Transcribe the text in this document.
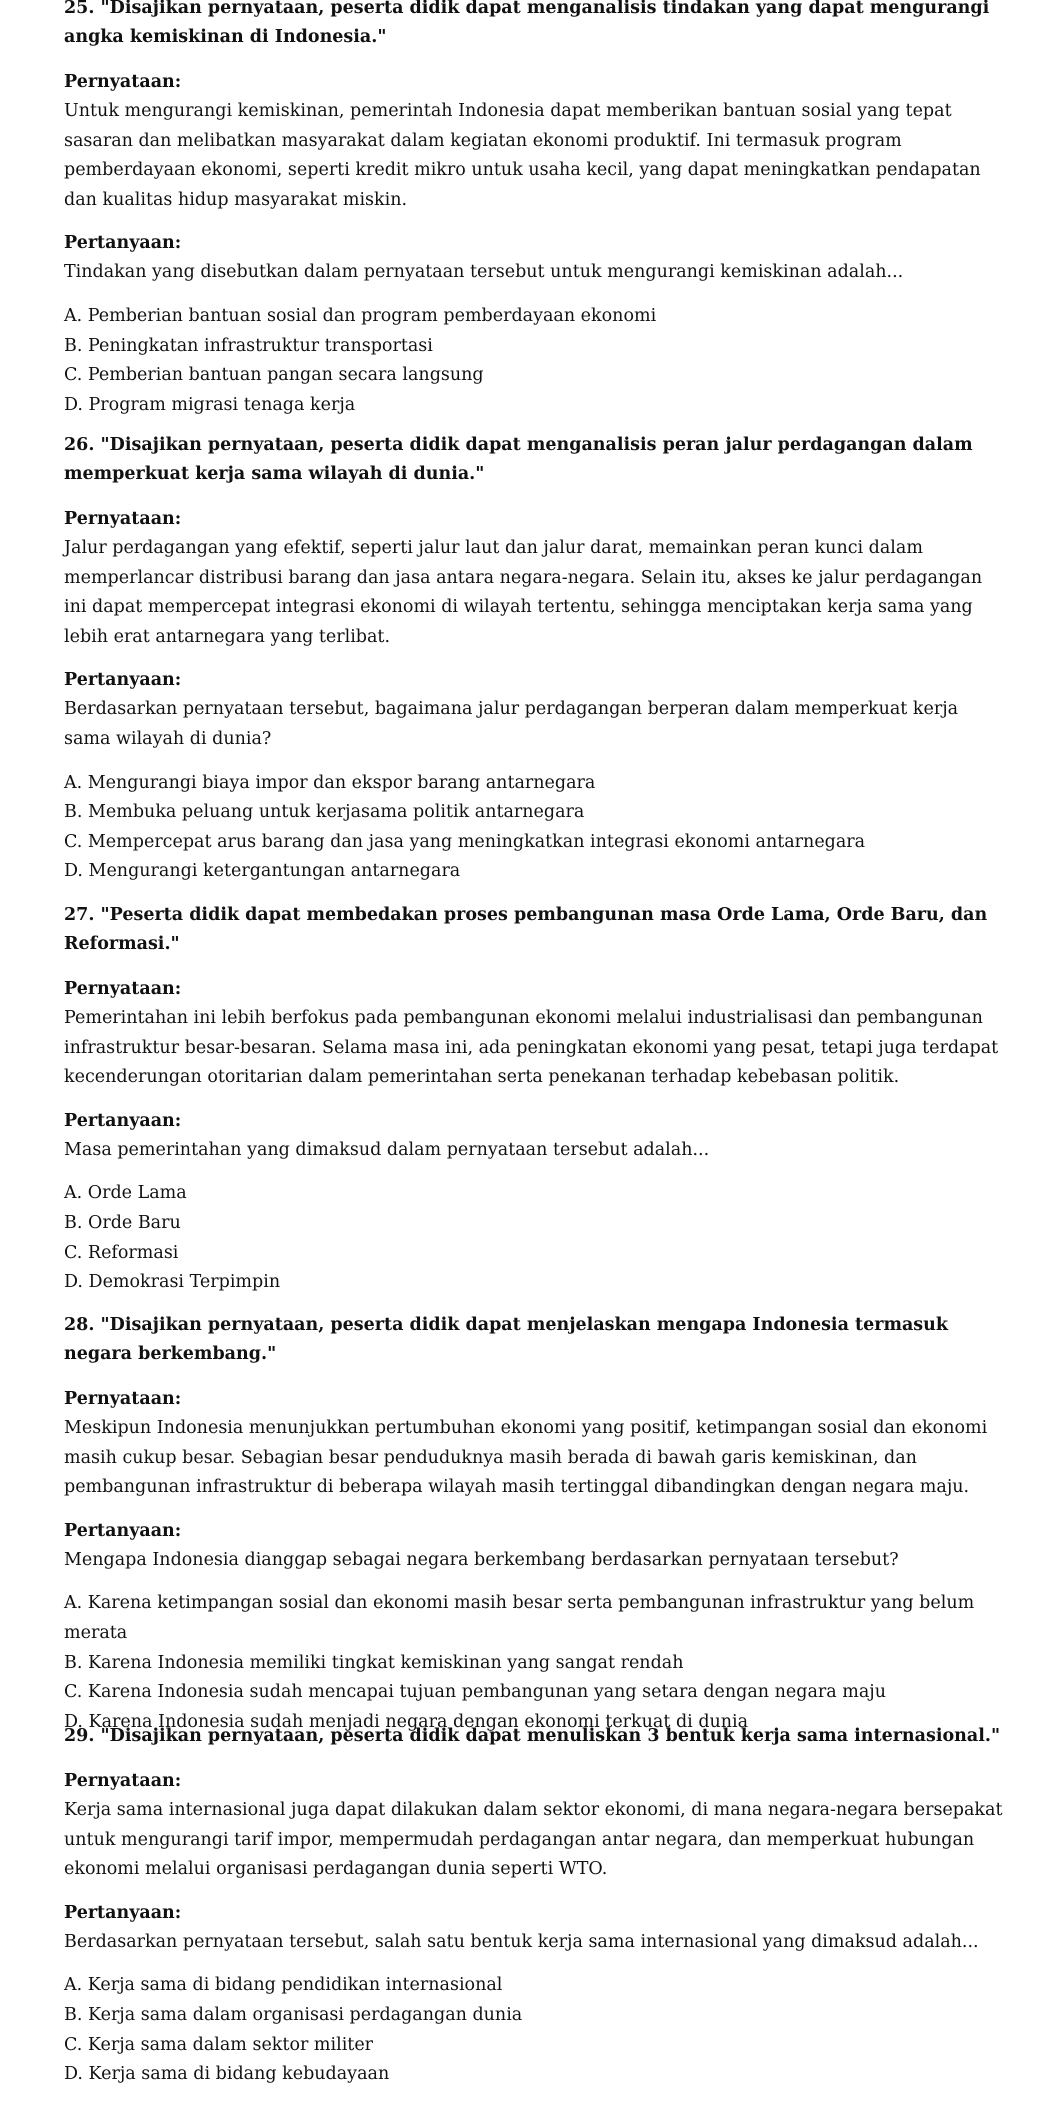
25. "Disajikan pernyataan, peserta didik dapat menganalisis tindakan yang dapat mengurangi angka kemiskinan di Indonesia."

Pernyataan:

Untuk mengurangi kemiskinan, pemerintah Indonesia dapat memberikan bantuan sosial yang tepat sasaran dan melibatkan masyarakat dalam kegiatan ekonomi produktif. Ini termasuk program pemberdayaan ekonomi, seperti kredit mikro untuk usaha kecil, yang dapat meningkatkan pendapatan dan kualitas hidup masyarakat miskin.

Pertanyaan:

Tindakan yang disebutkan dalam pernyataan tersebut untuk mengurangi kemiskinan adalah...

A. Pemberian bantuan sosial dan program pemberdayaan ekonomi
B. Peningkatan infrastruktur transportasi
C. Pemberian bantuan pangan secara langsung
D. Program migrasi tenaga kerja

26. "Disajikan pernyataan, peserta didik dapat menganalisis peran jalur perdagangan dalam memperkuat kerja sama wilayah di dunia."

Pernyataan:

Jalur perdagangan yang efektif, seperti jalur laut dan jalur darat, memainkan peran kunci dalam memperlancar distribusi barang dan jasa antara negara-negara. Selain itu, akses ke jalur perdagangan ini dapat mempercepat integrasi ekonomi di wilayah tertentu, sehingga menciptakan kerja sama yang lebih erat antarnegara yang terlibat.

Pertanyaan:

Berdasarkan pernyataan tersebut, bagaimana jalur perdagangan berperan dalam memperkuat kerja sama wilayah di dunia?

A. Mengurangi biaya impor dan ekspor barang antarnegara
B. Membuka peluang untuk kerjasama politik antarnegara
C. Mempercepat arus barang dan jasa yang meningkatkan integrasi ekonomi antarnegara
D. Mengurangi ketergantungan antarnegara

27. "Peserta didik dapat membedakan proses pembangunan masa Orde Lama, Orde Baru, dan Reformasi."

Pernyataan:

Pemerintahan ini lebih berfokus pada pembangunan ekonomi melalui industrialisasi dan pembangunan infrastruktur besar-besaran. Selama masa ini, ada peningkatan ekonomi yang pesat, tetapi juga terdapat kecenderungan otoritarian dalam pemerintahan serta penekanan terhadap kebebasan politik.

Pertanyaan:

Masa pemerintahan yang dimaksud dalam pernyataan tersebut adalah...

A. Orde Lama
B. Orde Baru
C. Reformasi
D. Demokrasi Terpimpin

28. "Disajikan pernyataan, peserta didik dapat menjelaskan mengapa Indonesia termasuk negara berkembang."

Pernyataan:

Meskipun Indonesia menunjukkan pertumbuhan ekonomi yang positif, ketimpangan sosial dan ekonomi masih cukup besar. Sebagian besar penduduknya masih berada di bawah garis kemiskinan, dan pembangunan infrastruktur di beberapa wilayah masih tertinggal dibandingkan dengan negara maju.

Pertanyaan:

Mengapa Indonesia dianggap sebagai negara berkembang berdasarkan pernyataan tersebut?

A. Karena ketimpangan sosial dan ekonomi masih besar serta pembangunan infrastruktur yang belum merata
B. Karena Indonesia memiliki tingkat kemiskinan yang sangat rendah
C. Karena Indonesia sudah mencapai tujuan pembangunan yang setara dengan negara maju
D. Karena Indonesia sudah menjadi negara dengan ekonomi terkuat di dunia

29. "Disajikan pernyataan, peserta didik dapat menuliskan 3 bentuk kerja sama internasional."

Pernyataan:

Kerja sama internasional juga dapat dilakukan dalam sektor ekonomi, di mana negara-negara bersepakat untuk mengurangi tarif impor, mempermudah perdagangan antar negara, dan memperkuat hubungan ekonomi melalui organisasi perdagangan dunia seperti WTO.

Pertanyaan:

Berdasarkan pernyataan tersebut, salah satu bentuk kerja sama internasional yang dimaksud adalah...

A. Kerja sama di bidang pendidikan internasional
B. Kerja sama dalam organisasi perdagangan dunia
C. Kerja sama dalam sektor militer
D. Kerja sama di bidang kebudayaan
